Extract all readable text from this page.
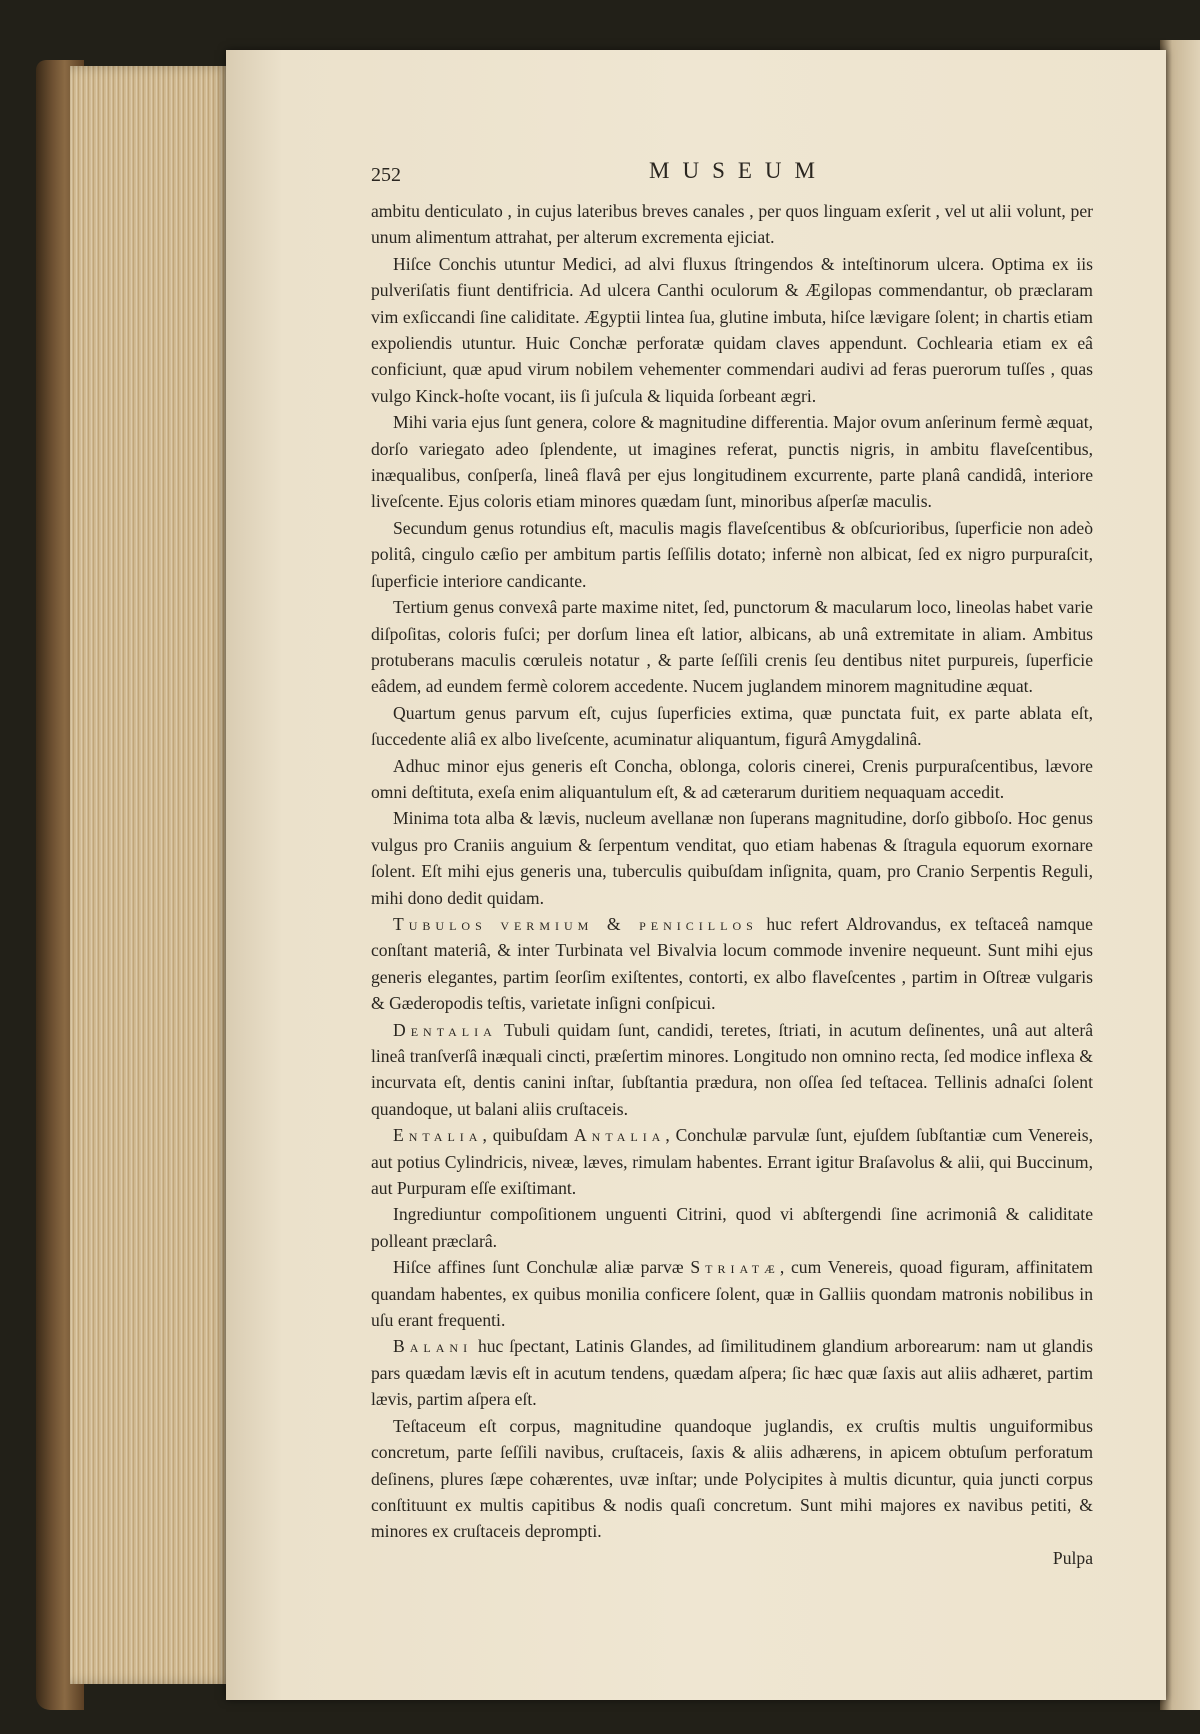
252	MUSEUM

ambitu denticulato , in cujus lateribus breves canales , per quos linguam exſerit , vel ut alii volunt, per unum alimentum attrahat, per alterum excrementa ejiciat.

Hiſce Conchis utuntur Medici, ad alvi fluxus ſtringendos & inteſtinorum ulcera. Optima ex iis pulveriſatis fiunt dentifricia. Ad ulcera Canthi oculorum & Ægilopas commendantur, ob præclaram vim exſiccandi ſine caliditate. Ægyptii lintea ſua, glutine imbuta, hiſce lævigare ſolent; in chartis etiam expoliendis utuntur. Huic Conchæ perforatæ quidam claves appendunt. Cochlearia etiam ex eâ conficiunt, quæ apud virum nobilem vehementer commendari audivi ad feras puerorum tuſſes , quas vulgo Kinck-hoſte vocant, iis ſi juſcula & liquida ſorbeant ægri.

Mihi varia ejus ſunt genera, colore & magnitudine differentia. Major ovum anſerinum fermè æquat, dorſo variegato adeo ſplendente, ut imagines referat, punctis nigris, in ambitu flaveſcentibus, inæqualibus, conſperſa, lineâ flavâ per ejus longitudinem excurrente, parte planâ candidâ, interiore liveſcente. Ejus coloris etiam minores quædam ſunt, minoribus aſperſæ maculis.

Secundum genus rotundius eſt, maculis magis flaveſcentibus & obſcurioribus, ſuperficie non adeò politâ, cingulo cæſio per ambitum partis ſeſſilis dotato; infernè non albicat, ſed ex nigro purpuraſcit, ſuperficie interiore candicante.

Tertium genus convexâ parte maxime nitet, ſed, punctorum & macularum loco, lineolas habet varie diſpoſitas, coloris fuſci; per dorſum linea eſt latior, albicans, ab unâ extremitate in aliam. Ambitus protuberans maculis cœruleis notatur , & parte ſeſſili crenis ſeu dentibus nitet purpureis, ſuperficie eâdem, ad eundem fermè colorem accedente. Nucem juglandem minorem magnitudine æquat.

Quartum genus parvum eſt, cujus ſuperficies extima, quæ punctata fuit, ex parte ablata eſt, ſuccedente aliâ ex albo liveſcente, acuminatur aliquantum, figurâ Amygdalinâ.

Adhuc minor ejus generis eſt Concha, oblonga, coloris cinerei, Crenis purpuraſcentibus, lævore omni deſtituta, exeſa enim aliquantulum eſt, & ad cæterarum duritiem nequaquam accedit.

Minima tota alba & lævis, nucleum avellanæ non ſuperans magnitudine, dorſo gibboſo. Hoc genus vulgus pro Craniis anguium & ſerpentum venditat, quo etiam habenas & ſtragula equorum exornare ſolent. Eſt mihi ejus generis una, tuberculis quibuſdam inſignita, quam, pro Cranio Serpentis Reguli, mihi dono dedit quidam.

Tubulos vermium & penicillos huc refert Aldrovandus, ex teſtaceâ namque conſtant materiâ, & inter Turbinata vel Bivalvia locum commode invenire nequeunt. Sunt mihi ejus generis elegantes, partim ſeorſim exiſtentes, contorti, ex albo flaveſcentes , partim in Oſtreæ vulgaris & Gæderopodis teſtis, varietate inſigni conſpicui.

Dentalia Tubuli quidam ſunt, candidi, teretes, ſtriati, in acutum deſinentes, unâ aut alterâ lineâ tranſverſâ inæquali cincti, præſertim minores. Longitudo non omnino recta, ſed modice inflexa & incurvata eſt, dentis canini inſtar, ſubſtantia prædura, non oſſea ſed teſtacea. Tellinis adnaſci ſolent quandoque, ut balani aliis cruſtaceis.

Entalia, quibuſdam Antalia, Conchulæ parvulæ ſunt, ejuſdem ſubſtantiæ cum Venereis, aut potius Cylindricis, niveæ, læves, rimulam habentes. Errant igitur Braſavolus & alii, qui Buccinum, aut Purpuram eſſe exiſtimant.

Ingrediuntur compoſitionem unguenti Citrini, quod vi abſtergendi ſine acrimoniâ & caliditate polleant præclarâ.

Hiſce affines ſunt Conchulæ aliæ parvæ Striatæ, cum Venereis, quoad figuram, affinitatem quandam habentes, ex quibus monilia conficere ſolent, quæ in Galliis quondam matronis nobilibus in uſu erant frequenti.

Balani huc ſpectant, Latinis Glandes, ad ſimilitudinem glandium arborearum: nam ut glandis pars quædam lævis eſt in acutum tendens, quædam aſpera; ſic hæc quæ ſaxis aut aliis adhæret, partim lævis, partim aſpera eſt.

Teſtaceum eſt corpus, magnitudine quandoque juglandis, ex cruſtis multis unguiformibus concretum, parte ſeſſili navibus, cruſtaceis, ſaxis & aliis adhærens, in apicem obtuſum perforatum deſinens, plures ſæpe cohærentes, uvæ inſtar; unde Polycipites à multis dicuntur, quia juncti corpus conſtituunt ex multis capitibus & nodis quaſi concretum. Sunt mihi majores ex navibus petiti, & minores ex cruſtaceis deprompti.

Pulpa
